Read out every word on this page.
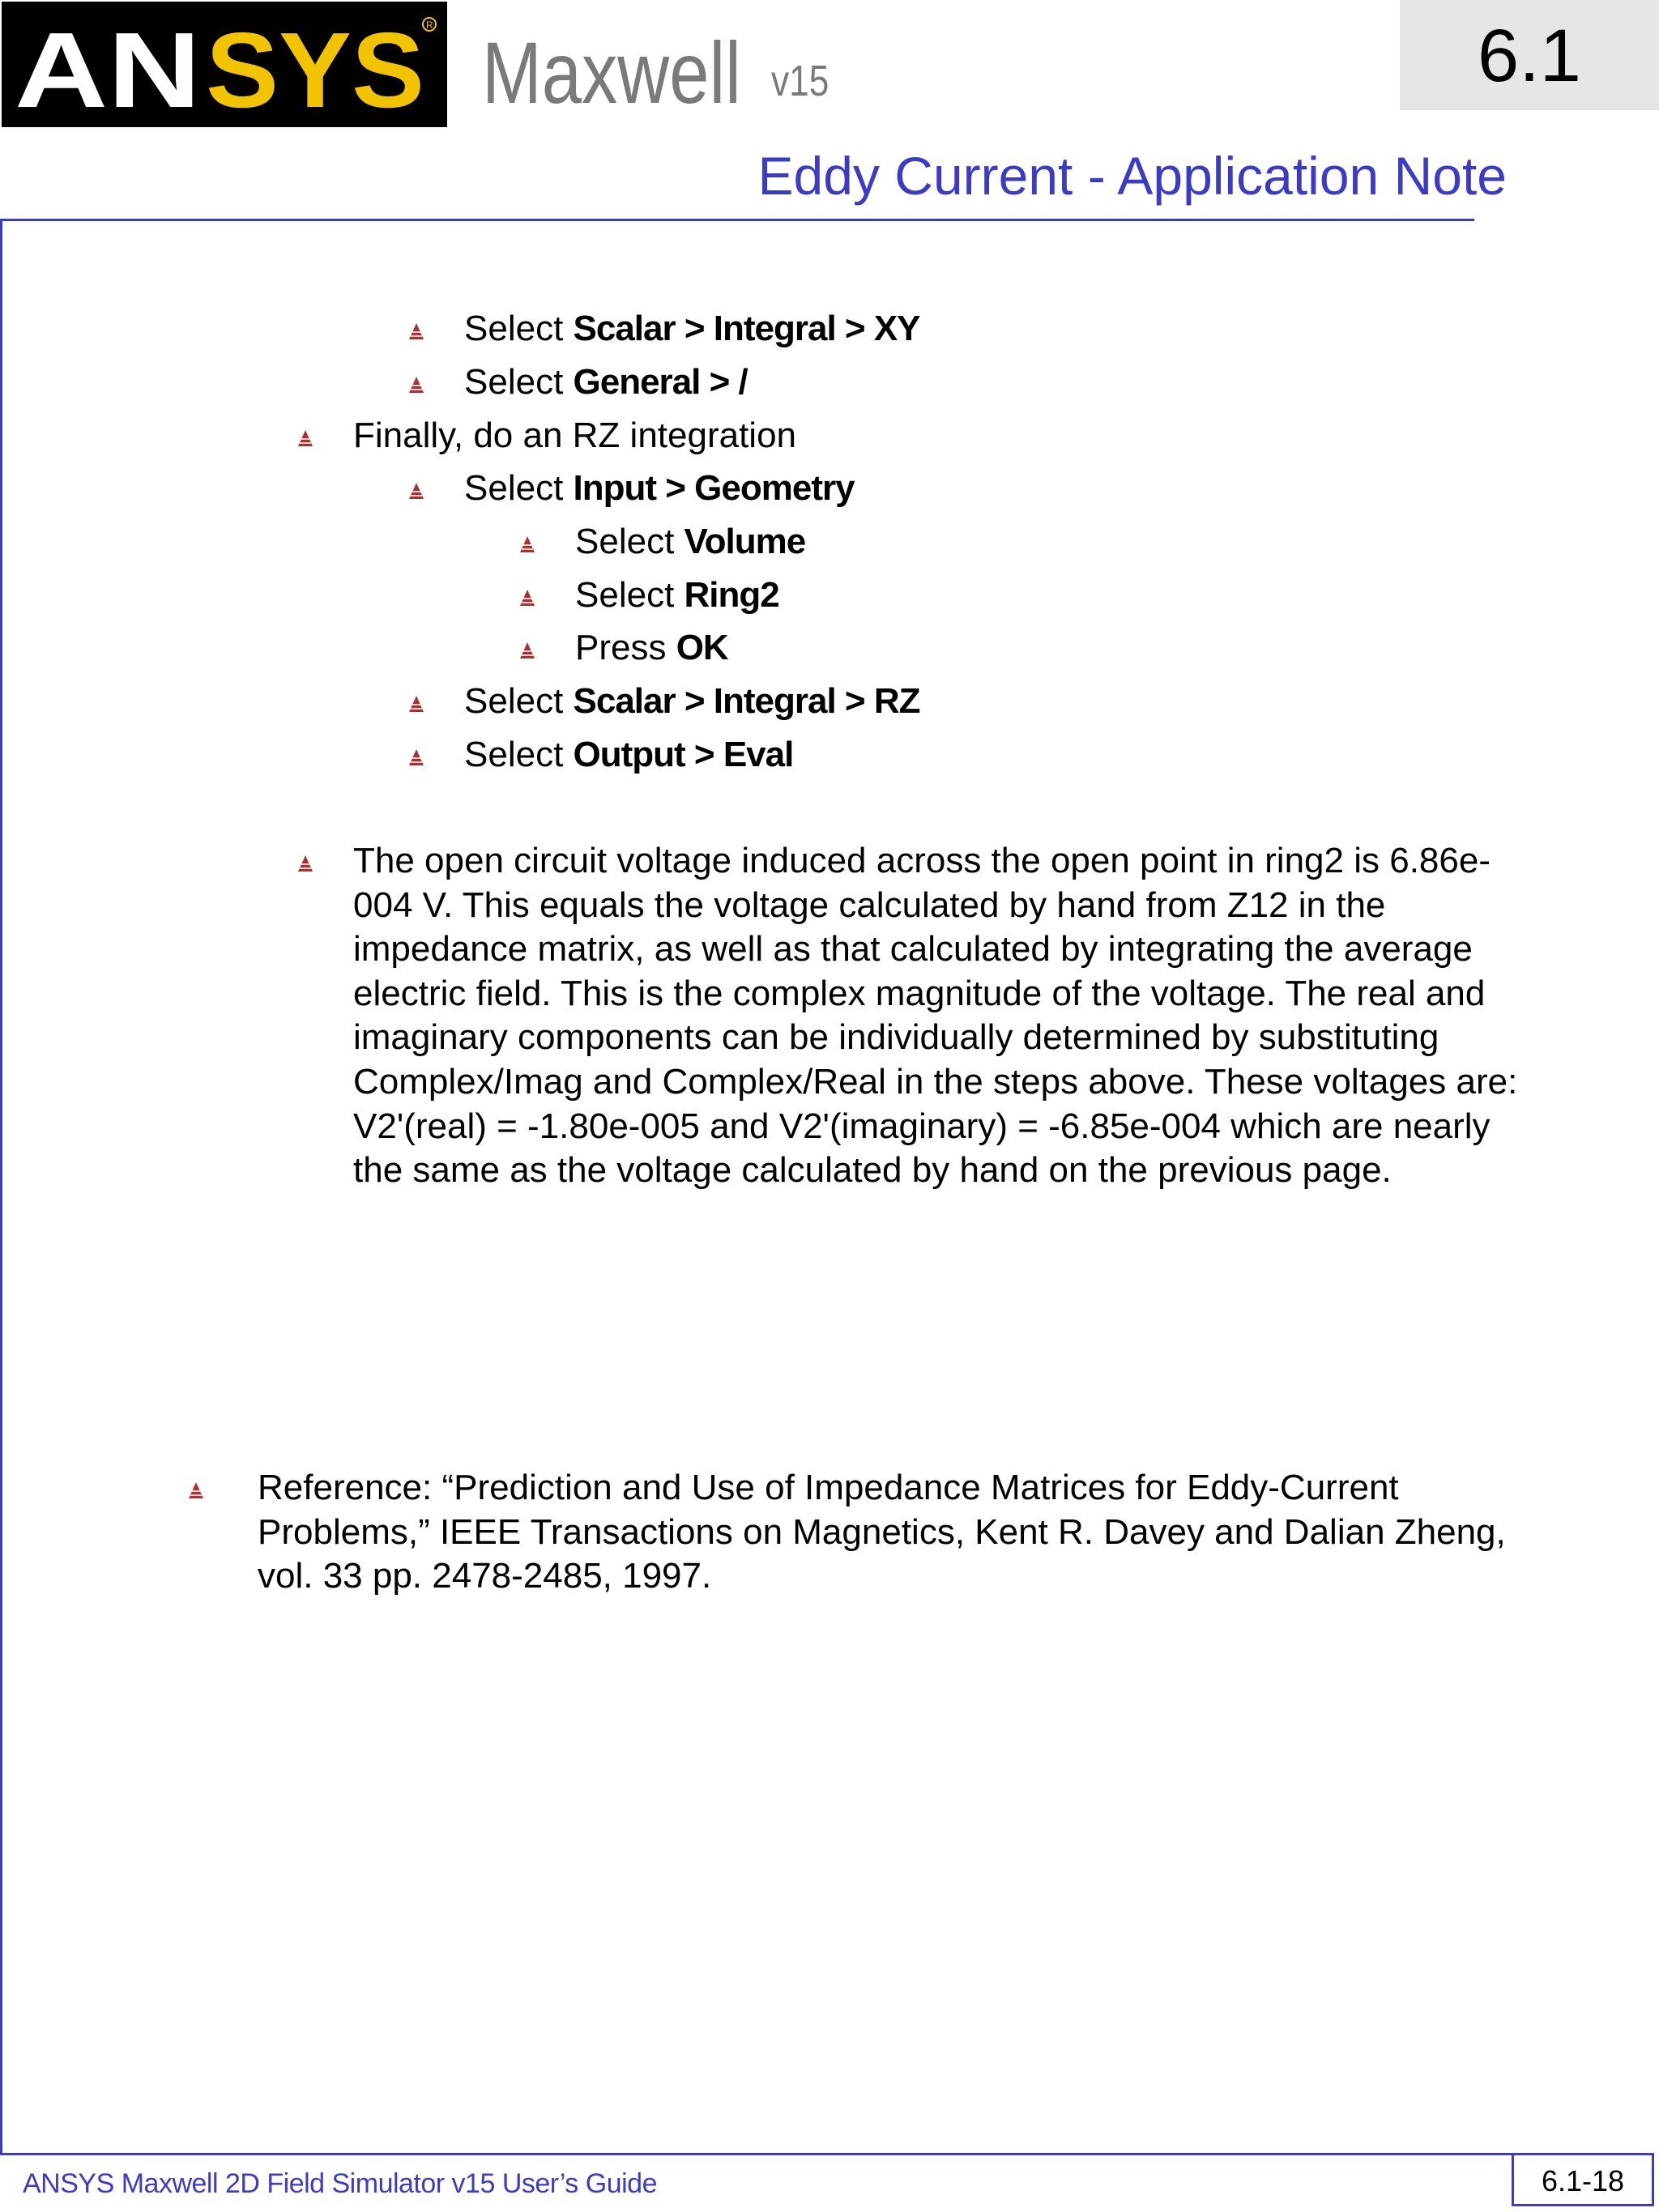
AN SYS R Maxwell v15	6.1
Eddy Current - Application Note
Select Scalar > Integral > XY
Select General > /
Finally, do an RZ integration
Select Input > Geometry
Select Volume
Select Ring2
Press OK
Select Scalar > Integral > RZ
Select Output > Eval
The open circuit voltage induced across the open point in ring2 is 6.86e-
004 V. This equals the voltage calculated by hand from Z12 in the
impedance matrix, as well as that calculated by integrating the average
electric field. This is the complex magnitude of the voltage. The real and
imaginary components can be individually determined by substituting
Complex/Imag and Complex/Real in the steps above. These voltages are:
V2'(real) = -1.80e-005 and V2'(imaginary) = -6.85e-004 which are nearly
the same as the voltage calculated by hand on the previous page.
Reference: “Prediction and Use of Impedance Matrices for Eddy-Current
Problems,” IEEE Transactions on Magnetics, Kent R. Davey and Dalian Zheng,
vol. 33 pp. 2478-2485, 1997.
ANSYS Maxwell 2D Field Simulator v15 User’s Guide	6.1-18
